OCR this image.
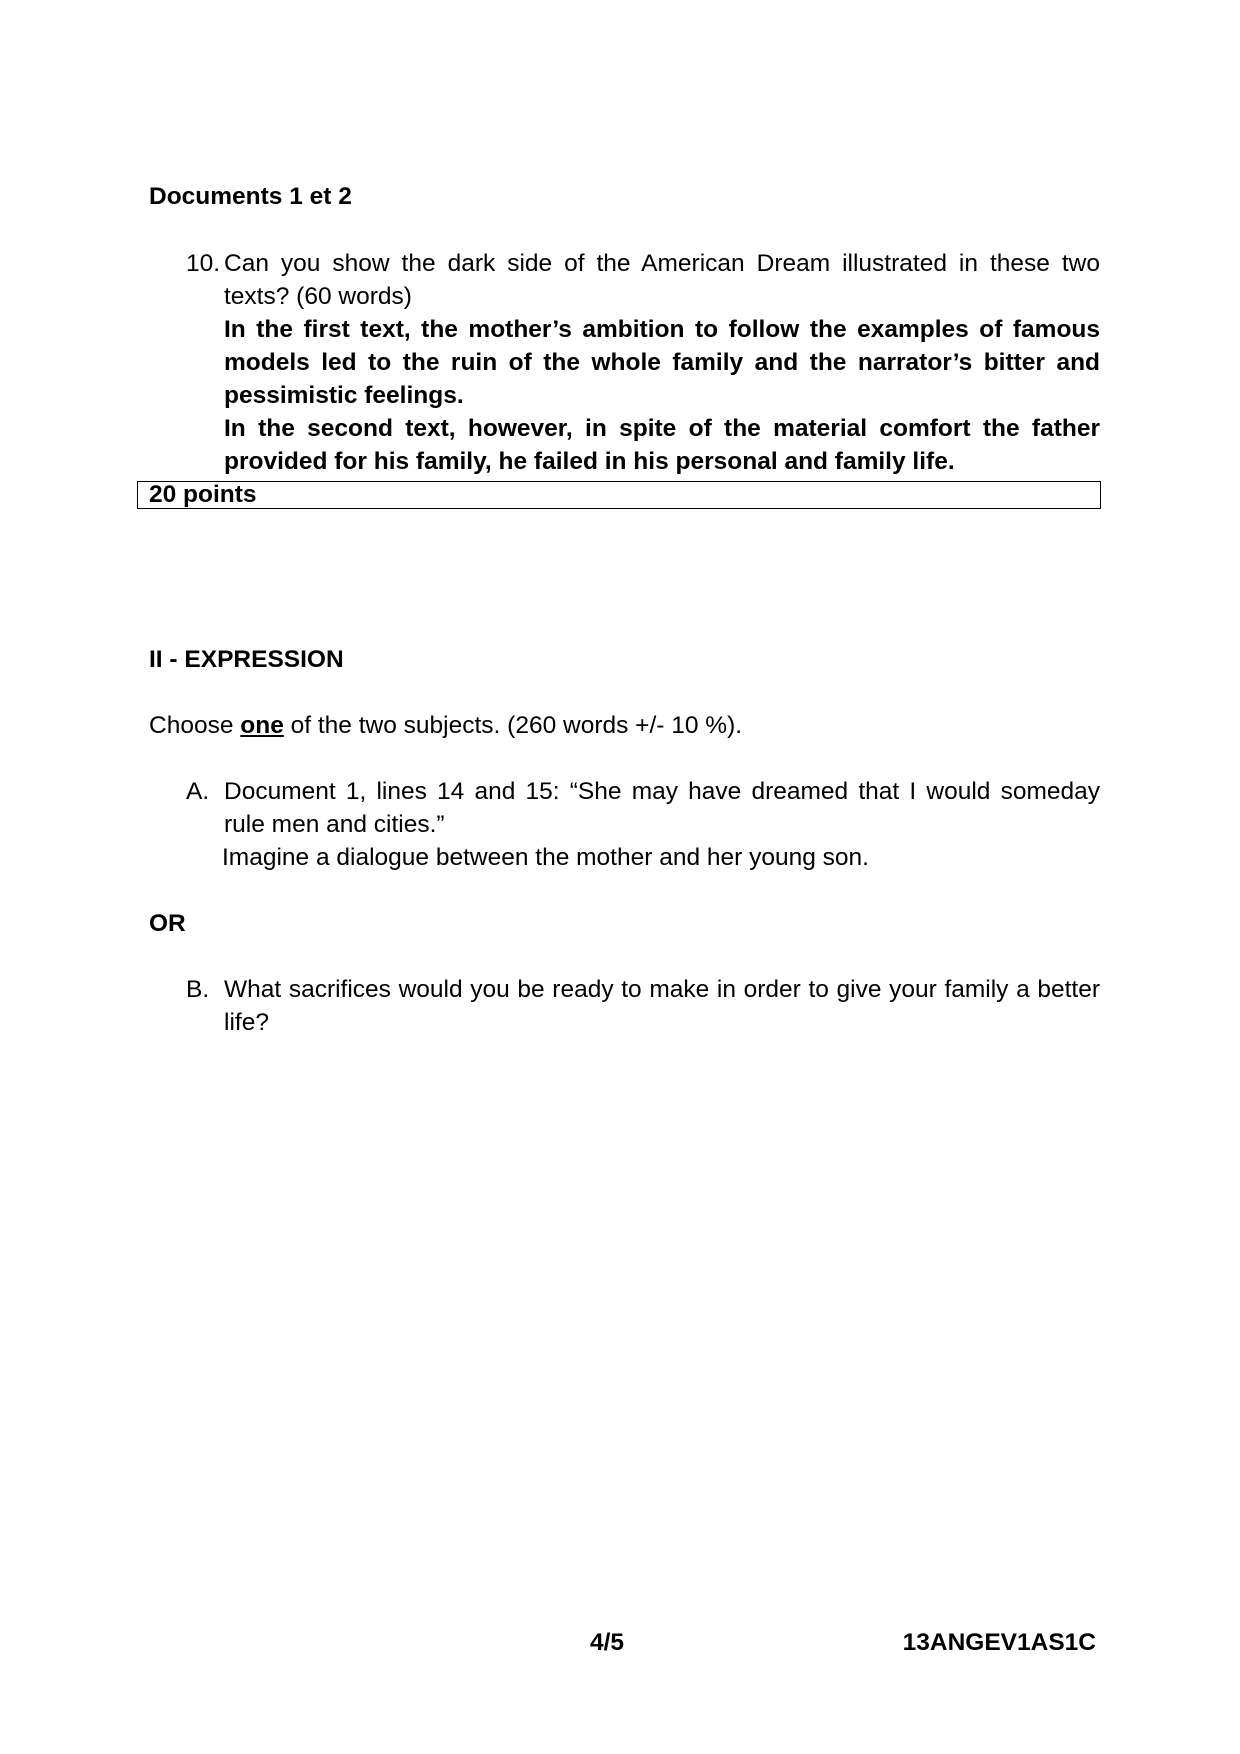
Documents 1 et 2
10. Can you show the dark side of the American Dream illustrated in these two texts? (60 words)
In the first text, the mother’s ambition to follow the examples of famous models led to the ruin of the whole family and the narrator’s bitter and pessimistic feelings.
In the second text, however, in spite of the material comfort the father provided for his family, he failed in his personal and family life.
20 points
II - EXPRESSION
Choose one of the two subjects. (260 words +/- 10 %).
A. Document 1, lines 14 and 15: “She may have dreamed that I would someday rule men and cities.”
Imagine a dialogue between the mother and her young son.
OR
B. What sacrifices would you be ready to make in order to give your family a better life?
4/5	13ANGEV1AS1C
